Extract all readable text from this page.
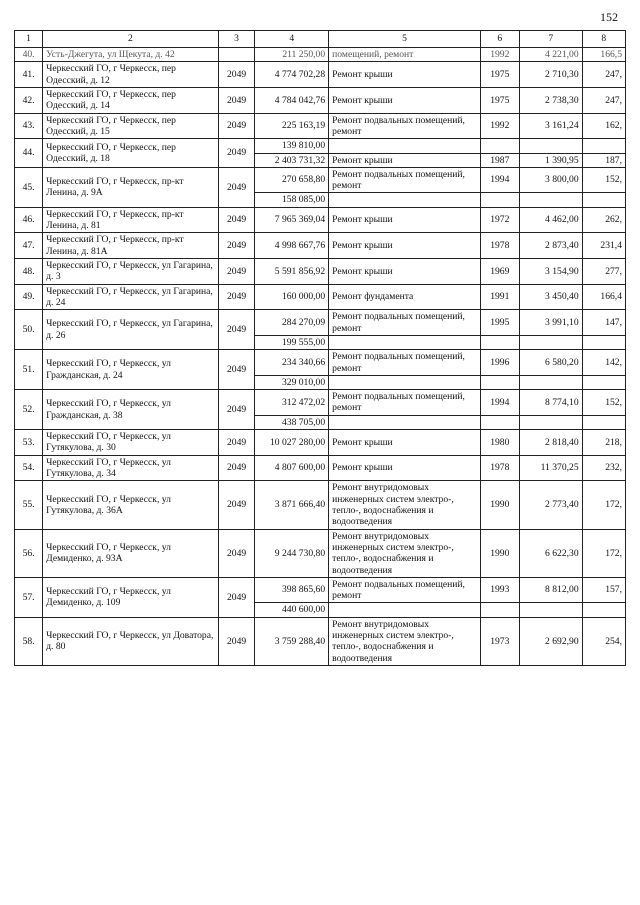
152
1	2	3	4	5	6	7	8
40.	Усть-Джегута, ул Щекута, д. 42		211 250,00	помещений, ремонт	1992	4 221,00	166,5
41.	Черкесский ГО, г Черкесск, пер Одесский, д. 12	2049	4 774 702,28	Ремонт крыши	1975	2 710,30	247,
42.	Черкесский ГО, г Черкесск, пер Одесский, д. 14	2049	4 784 042,76	Ремонт крыши	1975	2 738,30	247,
43.	Черкесский ГО, г Черкесск, пер Одесский, д. 15	2049	225 163,19	Ремонт подвальных помещений, ремонт	1992	3 161,24	162,
44.	Черкесский ГО, г Черкесск, пер Одесский, д. 18	2049	139 810,00				
			2 403 731,32	Ремонт крыши	1987	1 390,95	187,
45.	Черкесский ГО, г Черкесск, пр-кт Ленина, д. 9А	2049	270 658,80	Ремонт подвальных помещений, ремонт	1994	3 800,00	152,
			158 085,00				
46.	Черкесский ГО, г Черкесск, пр-кт Ленина, д. 81	2049	7 965 369,04	Ремонт крыши	1972	4 462,00	262,
47.	Черкесский ГО, г Черкесск, пр-кт Ленина, д. 81А	2049	4 998 667,76	Ремонт крыши	1978	2 873,40	231,4
48.	Черкесский ГО, г Черкесск, ул Гагарина, д. 3	2049	5 591 856,92	Ремонт крыши	1969	3 154,90	277,
49.	Черкесский ГО, г Черкесск, ул Гагарина, д. 24	2049	160 000,00	Ремонт фундамента	1991	3 450,40	166,4
50.	Черкесский ГО, г Черкесск, ул Гагарина, д. 26	2049	284 270,09	Ремонт подвальных помещений, ремонт	1995	3 991,10	147,
			199 555,00				
51.	Черкесский ГО, г Черкесск, ул Гражданская, д. 24	2049	234 340,66	Ремонт подвальных помещений, ремонт	1996	6 580,20	142,
			329 010,00				
52.	Черкесский ГО, г Черкесск, ул Гражданская, д. 38	2049	312 472,02	Ремонт подвальных помещений, ремонт	1994	8 774,10	152,
			438 705,00				
53.	Черкесский ГО, г Черкесск, ул Гутякулова, д. 30	2049	10 027 280,00	Ремонт крыши	1980	2 818,40	218,
54.	Черкесский ГО, г Черкесск, ул Гутякулова, д. 34	2049	4 807 600,00	Ремонт крыши	1978	11 370,25	232,
55.	Черкесский ГО, г Черкесск, ул Гутякулова, д. 36А	2049	3 871 666,40	Ремонт внутридомовых инженерных систем электро-, тепло-, водоснабжения и водоотведения	1990	2 773,40	172,
56.	Черкесский ГО, г Черкесск, ул Демиденко, д. 93А	2049	9 244 730,80	Ремонт внутридомовых инженерных систем электро-, тепло-, водоснабжения и водоотведения	1990	6 622,30	172,
57.	Черкесский ГО, г Черкесск, ул Демиденко, д. 109	2049	398 865,60	Ремонт подвальных помещений, ремонт	1993	8 812,00	157,
			440 600,00				
58.	Черкесский ГО, г Черкесск, ул Доватора, д. 80	2049	3 759 288,40	Ремонт внутридомовых инженерных систем электро-, тепло-, водоснабжения и водоотведения	1973	2 692,90	254,
